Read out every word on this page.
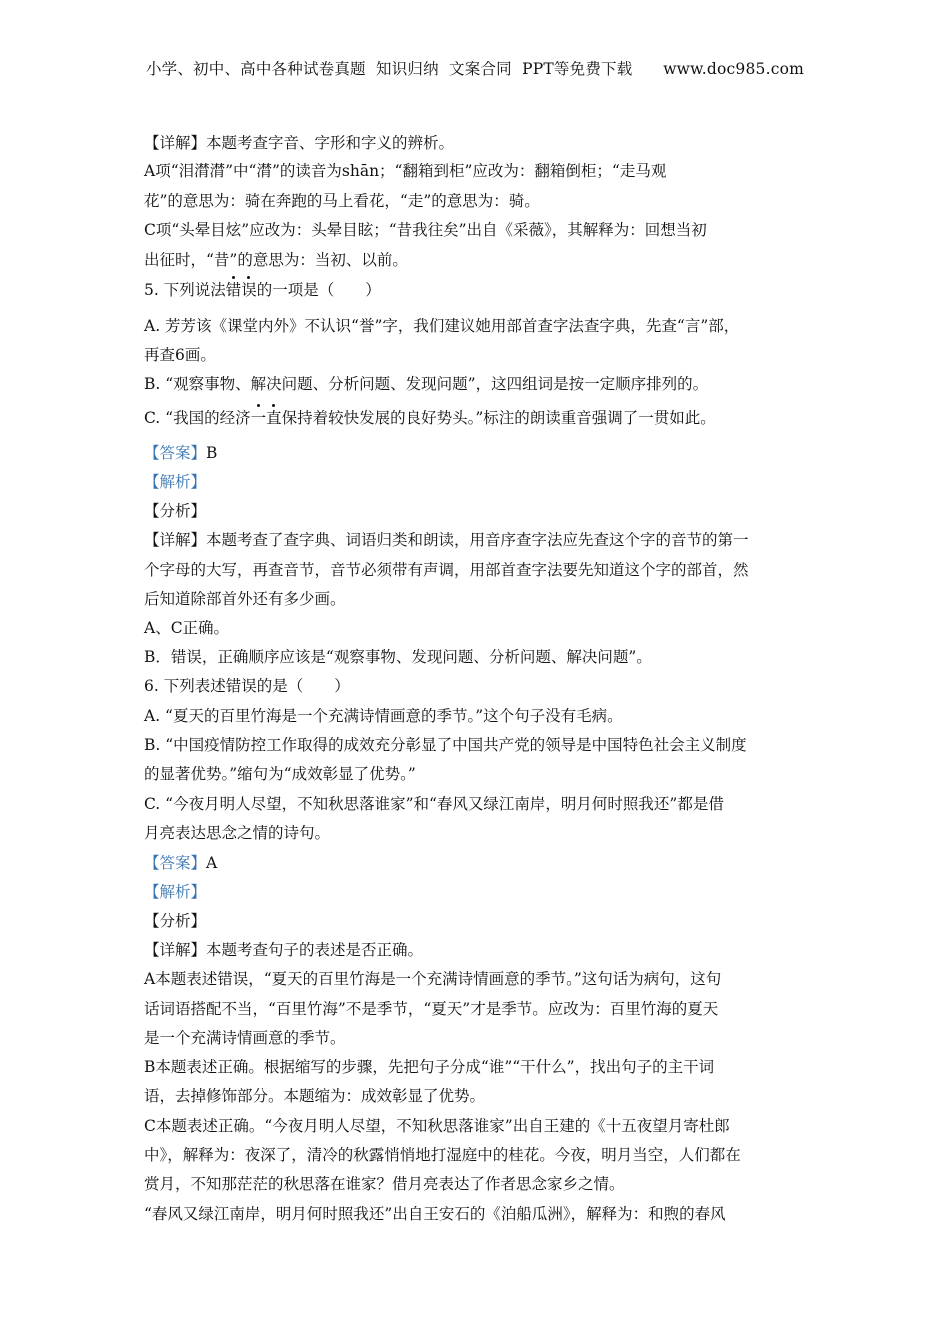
小学、初中、高中各种试卷真题  知识归纳  文案合同  PPT等免费下载 www.doc985.com
【详解】本题考查字音、字形和字义的辨析。
A项“泪潸潸”中“潸”的读音为shān；“翻箱到柜”应改为：翻箱倒柜；“走马观
花”的意思为：骑在奔跑的马上看花，“走”的意思为：骑。
C项“头晕目炫”应改为：头晕目眩；“昔我往矣”出自《采薇》，其解释为：回想当初
出征时，“昔”的意思为：当初、以前。
5. 下列说法错误的一项是（　　）
A. 芳芳该《课堂内外》不认识“誉”字，我们建议她用部首查字法查字典，先查“言”部，
再查6画。
B. “观察事物、解决问题、分析问题、发现问题”，这四组词是按一定顺序排列的。
C. “我国的经济一直保持着较快发展的良好势头。”标注的朗读重音强调了一贯如此。
【答案】B
【解析】
【分析】
【详解】本题考查了查字典、词语归类和朗读，用音序查字法应先查这个字的音节的第一
个字母的大写，再查音节，音节必须带有声调，用部首查字法要先知道这个字的部首，然
后知道除部首外还有多少画。
A、C正确。
B．错误，正确顺序应该是“观察事物、发现问题、分析问题、解决问题”。
6. 下列表述错误的是（　　）
A. “夏天的百里竹海是一个充满诗情画意的季节。”这个句子没有毛病。
B. “中国疫情防控工作取得的成效充分彰显了中国共产党的领导是中国特色社会主义制度
的显著优势。”缩句为“成效彰显了优势。”
C. “今夜月明人尽望，不知秋思落谁家”和“春风又绿江南岸，明月何时照我还”都是借
月亮表达思念之情的诗句。
【答案】A
【解析】
【分析】
【详解】本题考查句子的表述是否正确。
A本题表述错误，“夏天的百里竹海是一个充满诗情画意的季节。”这句话为病句，这句
话词语搭配不当，“百里竹海”不是季节，“夏天”才是季节。应改为：百里竹海的夏天
是一个充满诗情画意的季节。
B本题表述正确。根据缩写的步骤，先把句子分成“谁”“干什么”，找出句子的主干词
语，去掉修饰部分。本题缩为：成效彰显了优势。
C本题表述正确。“今夜月明人尽望，不知秋思落谁家”出自王建的《十五夜望月寄杜郎
中》，解释为：夜深了，清冷的秋露悄悄地打湿庭中的桂花。今夜，明月当空，人们都在
赏月，不知那茫茫的秋思落在谁家？借月亮表达了作者思念家乡之情。
“春风又绿江南岸，明月何时照我还”出自王安石的《泊船瓜洲》，解释为：和煦的春风
